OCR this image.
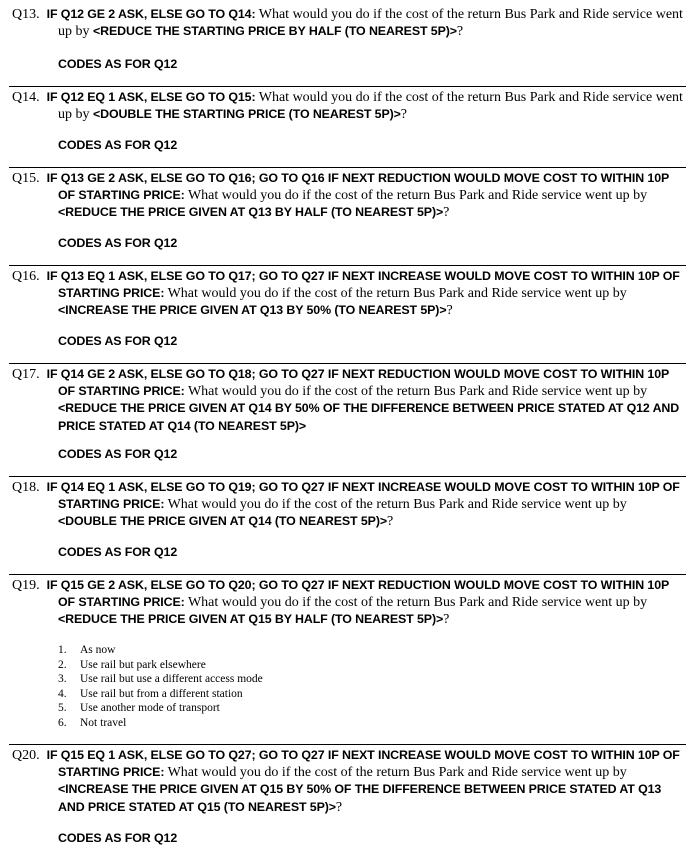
Q13. IF Q12 GE 2 ASK, ELSE GO TO Q14: What would you do if the cost of the return Bus Park and Ride service went up by <REDUCE THE STARTING PRICE BY HALF (TO NEAREST 5P)>?
CODES AS FOR Q12
Q14. IF Q12 EQ 1 ASK, ELSE GO TO Q15: What would you do if the cost of the return Bus Park and Ride service went up by <DOUBLE THE STARTING PRICE (TO NEAREST 5P)>?
CODES AS FOR Q12
Q15. IF Q13 GE 2 ASK, ELSE GO TO Q16; GO TO Q16 IF NEXT REDUCTION WOULD MOVE COST TO WITHIN 10P OF STARTING PRICE: What would you do if the cost of the return Bus Park and Ride service went up by <REDUCE THE PRICE GIVEN AT Q13 BY HALF (TO NEAREST 5P)>?
CODES AS FOR Q12
Q16. IF Q13 EQ 1 ASK, ELSE GO TO Q17; GO TO Q27 IF NEXT INCREASE WOULD MOVE COST TO WITHIN 10P OF STARTING PRICE: What would you do if the cost of the return Bus Park and Ride service went up by <INCREASE THE PRICE GIVEN AT Q13 BY 50% (TO NEAREST 5P)>?
CODES AS FOR Q12
Q17. IF Q14 GE 2 ASK, ELSE GO TO Q18; GO TO Q27 IF NEXT REDUCTION WOULD MOVE COST TO WITHIN 10P OF STARTING PRICE: What would you do if the cost of the return Bus Park and Ride service went up by <REDUCE THE PRICE GIVEN AT Q14 BY 50% OF THE DIFFERENCE BETWEEN PRICE STATED AT Q12 AND PRICE STATED AT Q14 (TO NEAREST 5P)>
CODES AS FOR Q12
Q18. IF Q14 EQ 1 ASK, ELSE GO TO Q19; GO TO Q27 IF NEXT INCREASE WOULD MOVE COST TO WITHIN 10P OF STARTING PRICE: What would you do if the cost of the return Bus Park and Ride service went up by <DOUBLE THE PRICE GIVEN AT Q14 (TO NEAREST 5P)>?
CODES AS FOR Q12
Q19. IF Q15 GE 2 ASK, ELSE GO TO Q20; GO TO Q27 IF NEXT REDUCTION WOULD MOVE COST TO WITHIN 10P OF STARTING PRICE: What would you do if the cost of the return Bus Park and Ride service went up by <REDUCE THE PRICE GIVEN AT Q15 BY HALF (TO NEAREST 5P)>?
1.	As now
2.	Use rail but park elsewhere
3.	Use rail but use a different access mode
4.	Use rail but from a different station
5.	Use another mode of transport
6.	Not travel
Q20. IF Q15 EQ 1 ASK, ELSE GO TO Q27; GO TO Q27 IF NEXT INCREASE WOULD MOVE COST TO WITHIN 10P OF STARTING PRICE: What would you do if the cost of the return Bus Park and Ride service went up by <INCREASE THE PRICE GIVEN AT Q15 BY 50% OF THE DIFFERENCE BETWEEN PRICE STATED AT Q13 AND PRICE STATED AT Q15 (TO NEAREST 5P)>?
CODES AS FOR Q12
